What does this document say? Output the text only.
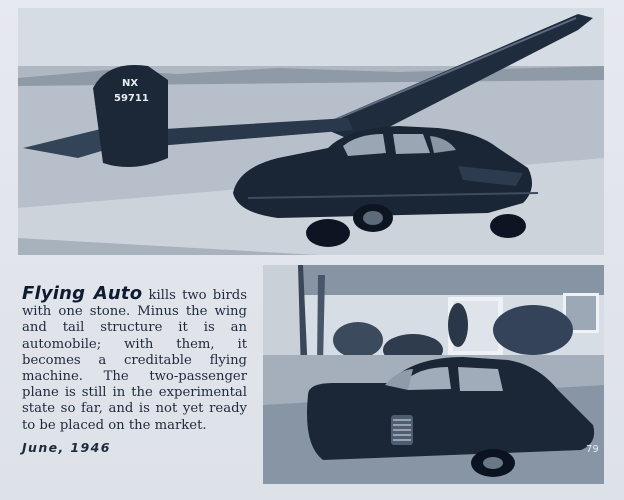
NX
59711
Flying Auto kills two birds with one stone. Minus the wing and tail structure it is an automobile; with them, it becomes a creditable flying machine. The two-passenger plane is still in the experimental state so far, and is not yet ready to be placed on the market.
June, 1946	79
